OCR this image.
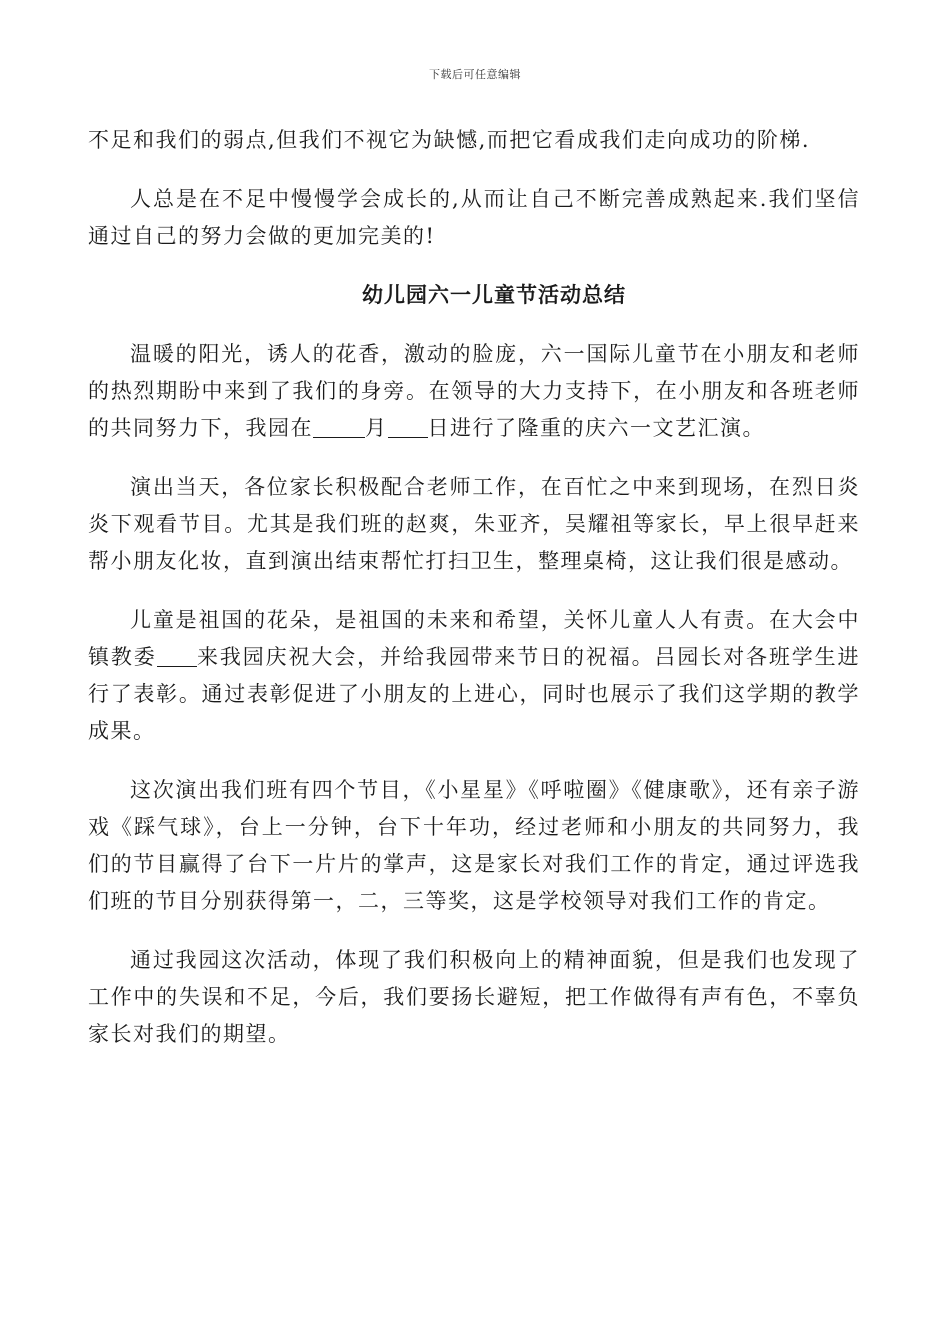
下载后可任意编辑

不足和我们的弱点,但我们不视它为缺憾,而把它看成我们走向成功的阶梯.

人总是在不足中慢慢学会成长的,从而让自己不断完善成熟起来.我们坚信通过自己的努力会做的更加完美的!

幼儿园六一儿童节活动总结

温暖的阳光，诱人的花香，激动的脸庞，六一国际儿童节在小朋友和老师的热烈期盼中来到了我们的身旁。在领导的大力支持下，在小朋友和各班老师的共同努力下，我园在 月 日进行了隆重的庆六一文艺汇演。

演出当天，各位家长积极配合老师工作，在百忙之中来到现场，在烈日炎炎下观看节目。尤其是我们班的赵爽，朱亚齐，吴耀祖等家长，早上很早赶来帮小朋友化妆，直到演出结束帮忙打扫卫生，整理桌椅，这让我们很是感动。

儿童是祖国的花朵，是祖国的未来和希望，关怀儿童人人有责。在大会中镇教委 来我园庆祝大会，并给我园带来节日的祝福。吕园长对各班学生进行了表彰。通过表彰促进了小朋友的上进心，同时也展示了我们这学期的教学成果。

这次演出我们班有四个节目，《小星星》《呼啦圈》《健康歌》，还有亲子游戏《踩气球》，台上一分钟，台下十年功，经过老师和小朋友的共同努力，我们的节目赢得了台下一片片的掌声，这是家长对我们工作的肯定，通过评选我们班的节目分别获得第一，二，三等奖，这是学校领导对我们工作的肯定。

通过我园这次活动，体现了我们积极向上的精神面貌，但是我们也发现了工作中的失误和不足，今后，我们要扬长避短，把工作做得有声有色，不辜负家长对我们的期望。
